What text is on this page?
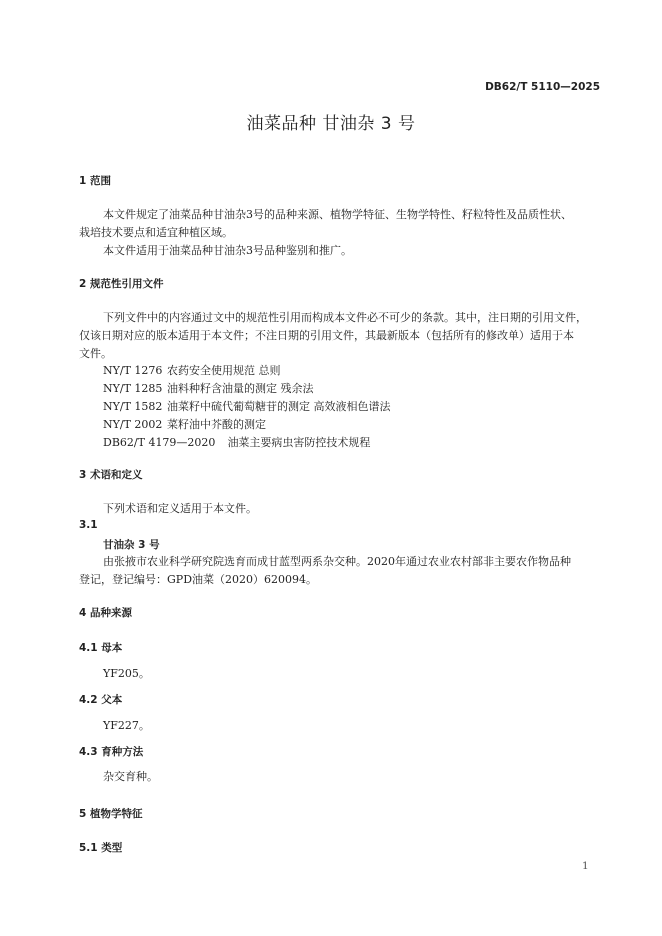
DB62/T 5110—2025
油菜品种 甘油杂 3 号
1 范围
本文件规定了油菜品种甘油杂3号的品种来源、植物学特征、生物学特性、籽粒特性及品质性状、
栽培技术要点和适宜种植区域。
本文件适用于油菜品种甘油杂3号品种鉴别和推广。
2 规范性引用文件
下列文件中的内容通过文中的规范性引用而构成本文件必不可少的条款。其中，注日期的引用文件，
仅该日期对应的版本适用于本文件；不注日期的引用文件，其最新版本（包括所有的修改单）适用于本
文件。
NY/T 1276 农药安全使用规范 总则
NY/T 1285 油料种籽含油量的测定 残余法
NY/T 1582 油菜籽中硫代葡萄糖苷的测定 高效液相色谱法
NY/T 2002 菜籽油中芥酸的测定
DB62/T 4179—2020 油菜主要病虫害防控技术规程
3 术语和定义
下列术语和定义适用于本文件。
3.1
甘油杂 3 号
由张掖市农业科学研究院选育而成甘蓝型两系杂交种。2020年通过农业农村部非主要农作物品种
登记，登记编号：GPD油菜（2020）620094。
4 品种来源
4.1 母本
YF205。
4.2 父本
YF227。
4.3 育种方法
杂交育种。
5 植物学特征
5.1 类型
1
